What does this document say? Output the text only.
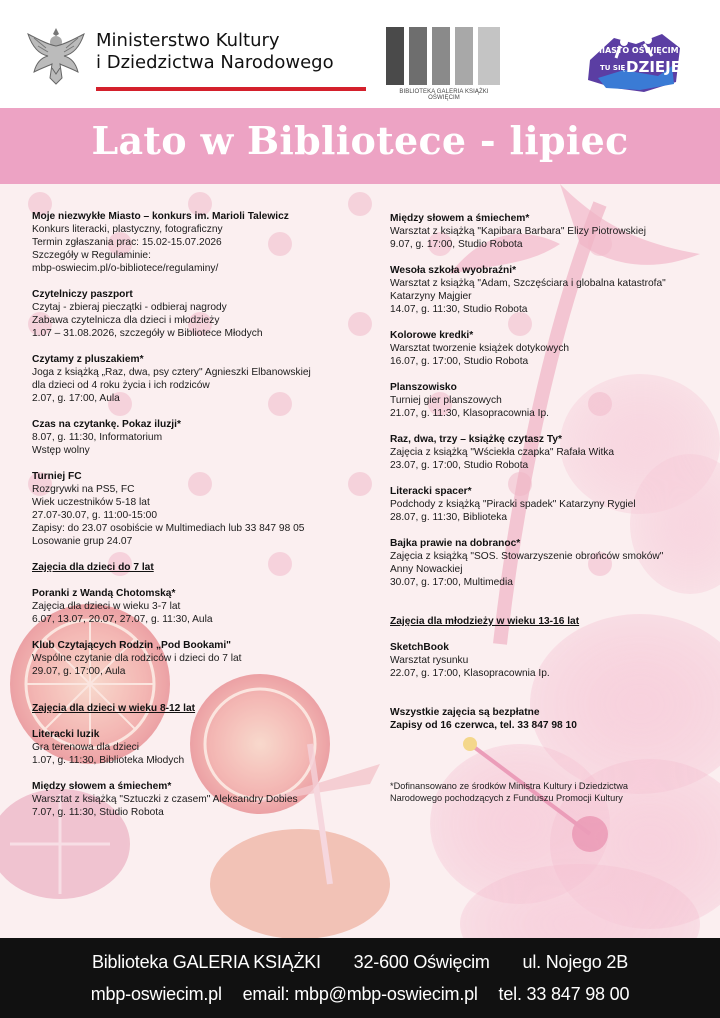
Ministerstwo Kultury
i Dziedzictwa Narodowego
BIBLIOTEKA GALERIA KSIĄŻKI OŚWIĘCIM
MIASTO OŚWIĘCIM
TU SIĘ DZIEJE!
Lato w Bibliotece - lipiec
Moje niezwykłe Miasto – konkurs im. Marioli Talewicz
Konkurs literacki, plastyczny, fotograficzny
Termin zgłaszania prac: 15.02-15.07.2026
Szczegóły w Regulaminie:
mbp-oswiecim.pl/o-bibliotece/regulaminy/
Czytelniczy paszport
Czytaj - zbieraj pieczątki - odbieraj nagrody
Zabawa czytelnicza dla dzieci i młodzieży
1.07 – 31.08.2026, szczegóły w Bibliotece Młodych
Czytamy z pluszakiem*
Joga z książką „Raz, dwa, psy cztery" Agnieszki Elbanowskiej
dla dzieci od 4 roku życia i ich rodziców
2.07, g. 17:00, Aula
Czas na czytankę. Pokaz iluzji*
8.07, g. 11:30, Informatorium
Wstęp wolny
Turniej FC
Rozgrywki na PS5, FC
Wiek uczestników 5-18 lat
27.07-30.07, g. 11:00-15:00
Zapisy: do 23.07 osobiście w Multimediach lub 33 847 98 05
Losowanie grup 24.07
Zajęcia dla dzieci do 7 lat
Poranki z Wandą Chotomską*
Zajęcia dla dzieci w wieku 3-7 lat
6.07, 13.07, 20.07, 27.07, g. 11:30, Aula
Klub Czytających Rodzin „Pod Bookami"
Wspólne czytanie dla rodziców i dzieci do 7 lat
29.07, g. 17:00, Aula
Zajęcia dla dzieci w wieku 8-12 lat
Literacki luzik
Gra terenowa dla dzieci
1.07, g. 11:30, Biblioteka Młodych
Między słowem a śmiechem*
Warsztat z książką "Sztuczki z czasem" Aleksandry Dobies
7.07, g. 11:30, Studio Robota
Między słowem a śmiechem*
Warsztat z książką "Kapibara Barbara" Elizy Piotrowskiej
9.07, g. 17:00, Studio Robota
Wesoła szkoła wyobraźni*
Warsztat z książką "Adam, Szczęściara i globalna katastrofa"
Katarzyny Majgier
14.07, g. 11:30, Studio Robota
Kolorowe kredki*
Warsztat tworzenie książek dotykowych
16.07, g. 17:00, Studio Robota
Planszowisko
Turniej gier planszowych
21.07, g. 11:30, Klasopracownia Ip.
Raz, dwa, trzy – książkę czytasz Ty*
Zajęcia z książką "Wściekła czapka" Rafała Witka
23.07, g. 17:00, Studio Robota
Literacki spacer*
Podchody z książką "Piracki spadek" Katarzyny Rygiel
28.07, g. 11:30, Biblioteka
Bajka prawie na dobranoc*
Zajęcia z książką "SOS. Stowarzyszenie obrońców smoków"
Anny Nowackiej
30.07, g. 17:00, Multimedia
Zajęcia dla młodzieży w wieku 13-16 lat
SketchBook
Warsztat rysunku
22.07, g. 17:00, Klasopracownia Ip.
Wszystkie zajęcia są bezpłatne
Zapisy od 16 czerwca, tel. 33 847 98 10
*Dofinansowano ze środków Ministra Kultury i Dziedzictwa
Narodowego pochodzących z Funduszu Promocji Kultury
Biblioteka GALERIA KSIĄŻKI 32-600 Oświęcim ul. Nojego 2B
mbp-oswiecim.pl email: mbp@mbp-oswiecim.pl tel. 33 847 98 00
